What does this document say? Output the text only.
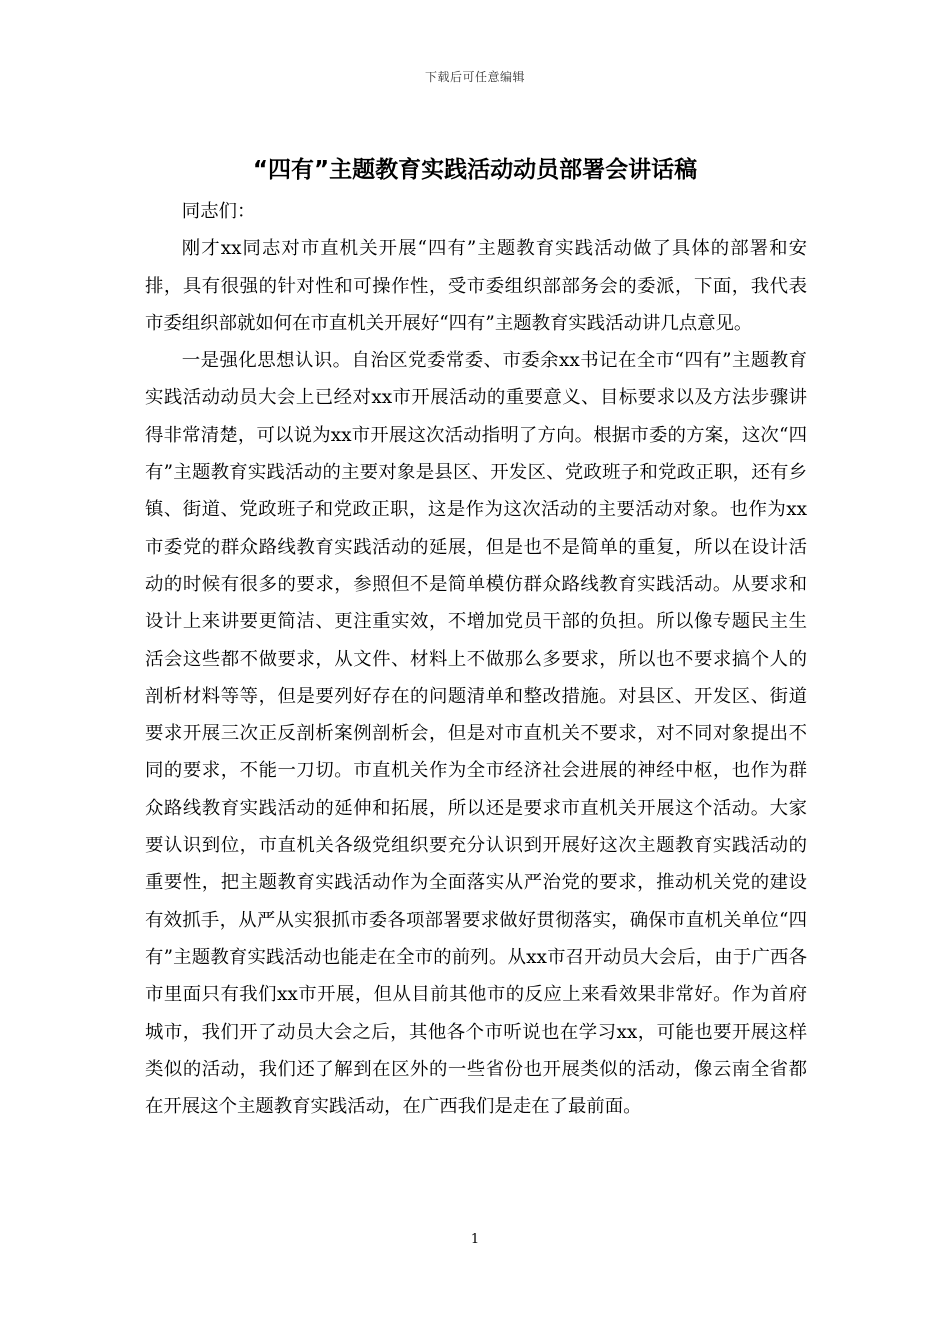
下载后可任意编辑
“四有”主题教育实践活动动员部署会讲话稿

同志们：

刚才xx同志对市直机关开展“四有”主题教育实践活动做了具体的部署和安排，具有很强的针对性和可操作性，受市委组织部部务会的委派，下面，我代表市委组织部就如何在市直机关开展好“四有”主题教育实践活动讲几点意见。

一是强化思想认识。自治区党委常委、市委余xx书记在全市“四有”主题教育实践活动动员大会上已经对xx市开展活动的重要意义、目标要求以及方法步骤讲得非常清楚，可以说为xx市开展这次活动指明了方向。根据市委的方案，这次“四有”主题教育实践活动的主要对象是县区、开发区、党政班子和党政正职，还有乡镇、街道、党政班子和党政正职，这是作为这次活动的主要活动对象。也作为xx市委党的群众路线教育实践活动的延展，但是也不是简单的重复，所以在设计活动的时候有很多的要求，参照但不是简单模仿群众路线教育实践活动。从要求和设计上来讲要更简洁、更注重实效，不增加党员干部的负担。所以像专题民主生活会这些都不做要求，从文件、材料上不做那么多要求，所以也不要求搞个人的剖析材料等等，但是要列好存在的问题清单和整改措施。对县区、开发区、街道要求开展三次正反剖析案例剖析会，但是对市直机关不要求，对不同对象提出不同的要求，不能一刀切。市直机关作为全市经济社会进展的神经中枢，也作为群众路线教育实践活动的延伸和拓展，所以还是要求市直机关开展这个活动。大家要认识到位，市直机关各级党组织要充分认识到开展好这次主题教育实践活动的重要性，把主题教育实践活动作为全面落实从严治党的要求，推动机关党的建设有效抓手，从严从实狠抓市委各项部署要求做好贯彻落实，确保市直机关单位“四有”主题教育实践活动也能走在全市的前列。从xx市召开动员大会后，由于广西各市里面只有我们xx市开展，但从目前其他市的反应上来看效果非常好。作为首府城市，我们开了动员大会之后，其他各个市听说也在学习xx，可能也要开展这样类似的活动，我们还了解到在区外的一些省份也开展类似的活动，像云南全省都在开展这个主题教育实践活动，在广西我们是走在了最前面。

1
